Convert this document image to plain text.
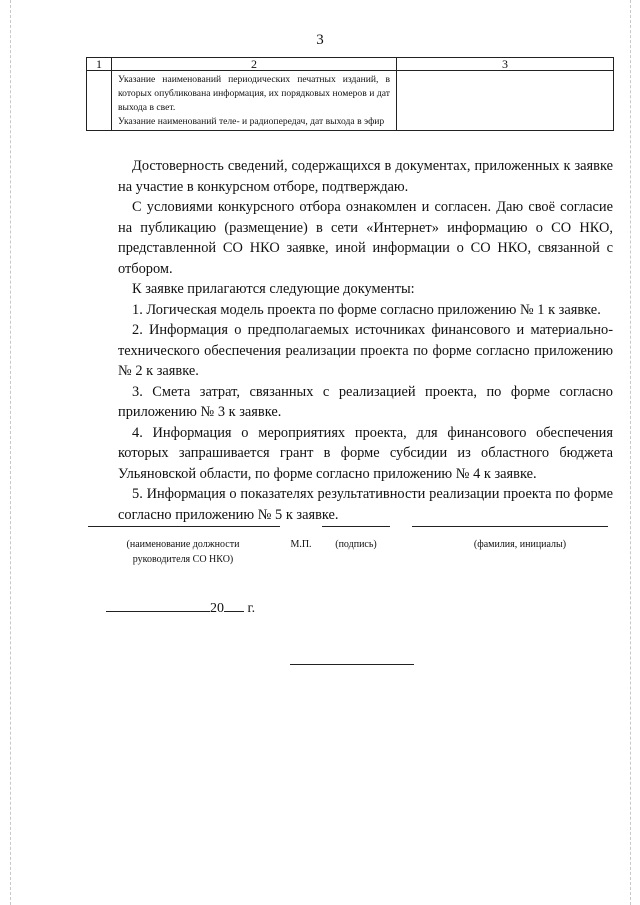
3
1	2	3

	Указание наименований периодических печатных изданий, в которых опубликована информация, их порядковых номеров и дат выхода в свет.

Указание наименований теле- и радиопередач, дат выхода в эфир	

Достоверность сведений, содержащихся в документах, приложенных к заявке на участие в конкурсном отборе, подтверждаю.

С условиями конкурсного отбора ознакомлен и согласен. Даю своё согласие на публикацию (размещение) в сети «Интернет» информацию о СО НКО, представленной СО НКО заявке, иной информации о СО НКО, связанной с отбором.

К заявке прилагаются следующие документы:

1. Логическая модель проекта по форме согласно приложению № 1 к заявке.

2. Информация о предполагаемых источниках финансового и материально-технического обеспечения реализации проекта по форме согласно приложению № 2 к заявке.

3. Смета затрат, связанных с реализацией проекта, по форме согласно приложению № 3 к заявке.

4. Информация о мероприятиях проекта, для финансового обеспечения которых запрашивается грант в форме субсидии из областного бюджета Ульяновской области, по форме согласно приложению № 4 к заявке.

5. Информация о показателях результативности реализации проекта по форме согласно приложению № 5 к заявке.

(наименование должности руководителя СО НКО)
М.П.	(подпись)	(фамилия, инициалы)
20 г.
